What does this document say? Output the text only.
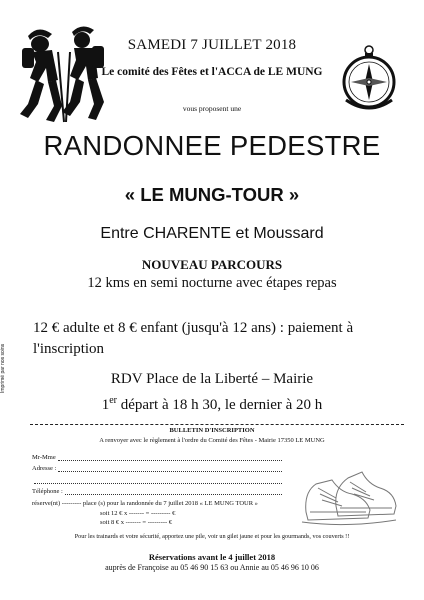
SAMEDI 7 JUILLET 2018
Le comité des Fêtes et l'ACCA de LE MUNG
vous proposent une
RANDONNEE PEDESTRE
« LE MUNG-TOUR »
Entre CHARENTE et Moussard
NOUVEAU PARCOURS
12 kms en semi nocturne avec étapes repas
12 € adulte et 8 € enfant (jusqu'à 12 ans) : paiement à l'inscription
Imprimé par nos soins	RDV Place de la Liberté – Mairie
1er départ à 18 h 30, le dernier à 20 h
BULLETIN D'INSCRIPTION
A renvoyer avec le règlement à l'ordre du Comité des Fêtes - Mairie 17350 LE MUNG
Mr-Mme
Adresse :
Téléphone :
réserve(nt) --------- place (s) pour la randonnée du 7 juillet 2018 « LE MUNG TOUR »
soit 12 € x ------- = --------- €
soit 8 € x ------- = --------- €
Pour les trainards et votre sécurité, apportez une pile, voir un gilet jaune et pour les gourmands, vos couverts !!
Réservations avant le 4 juillet 2018
auprès de Françoise au 05 46 90 15 63 ou Annie au 05 46 96 10 06
